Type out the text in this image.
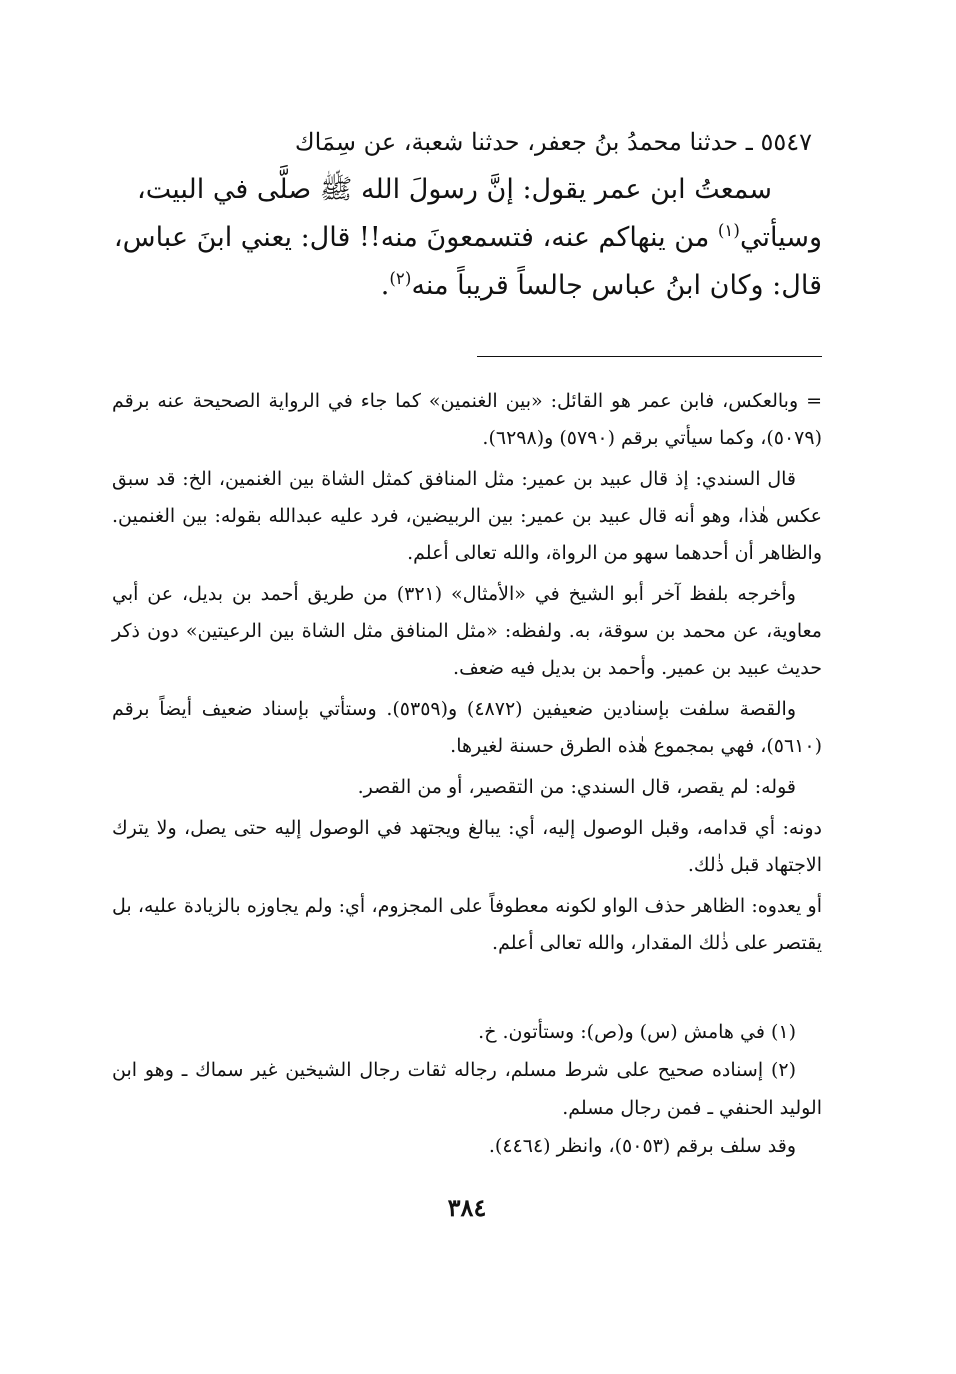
٥٥٤٧ ـ حدثنا محمدُ بنُ جعفر، حدثنا شعبة، عن سِمَاك
سمعتُ ابن عمر يقول: إنَّ رسولَ الله ﷺ صلَّى في البيت،
وسيأتي$^{(١)}$ من ينهاكم عنه، فتسمعونَ منه!! قال: يعني ابنَ عباس،
قال: وكان ابنُ عباس جالساً قريباً منه$^{(٢)}$.

= وبالعكس، فابن عمر هو القائل: «بين الغنمين» كما جاء في الرواية الصحيحة عنه برقم (٥٠٧٩)، وكما سيأتي برقم (٥٧٩٠) و(٦٢٩٨).

قال السندي: إذ قال عبيد بن عمير: مثل المنافق كمثل الشاة بين الغنمين، الخ: قد سبق عكس هٰذا، وهو أنه قال عبيد بن عمير: بين الربيضين، فرد عليه عبدالله بقوله: بين الغنمين. والظاهر أن أحدهما سهو من الرواة، والله تعالى أعلم.

وأخرجه بلفظ آخر أبو الشيخ في «الأمثال» (٣٢١) من طريق أحمد بن بديل، عن أبي معاوية، عن محمد بن سوقة، به. ولفظه: «مثل المنافق مثل الشاة بين الرعيتين» دون ذكر حديث عبيد بن عمير. وأحمد بن بديل فيه ضعف.

والقصة سلفت بإسنادين ضعيفين (٤٨٧٢) و(٥٣٥٩). وستأتي بإسناد ضعيف أيضاً برقم (٥٦١٠)، فهي بمجموع هٰذه الطرق حسنة لغيرها.

قوله: لم يقصر، قال السندي: من التقصير، أو من القصر.

دونه: أي قدامه، وقبل الوصول إليه، أي: يبالغ ويجتهد في الوصول إليه حتى يصل، ولا يترك الاجتهاد قبل ذٰلك.

أو يعدوه: الظاهر حذف الواو لكونه معطوفاً على المجزوم، أي: ولم يجاوزه بالزيادة عليه، بل يقتصر على ذٰلك المقدار، والله تعالى أعلم.

(١) في هامش (س) و(ص): وستأتون. خ.

(٢) إسناده صحيح على شرط مسلم، رجاله ثقات رجال الشيخين غير سماك ـ وهو ابن الوليد الحنفي ـ فمن رجال مسلم.

وقد سلف برقم (٥٠٥٣)، وانظر (٤٤٦٤).

٣٨٤
